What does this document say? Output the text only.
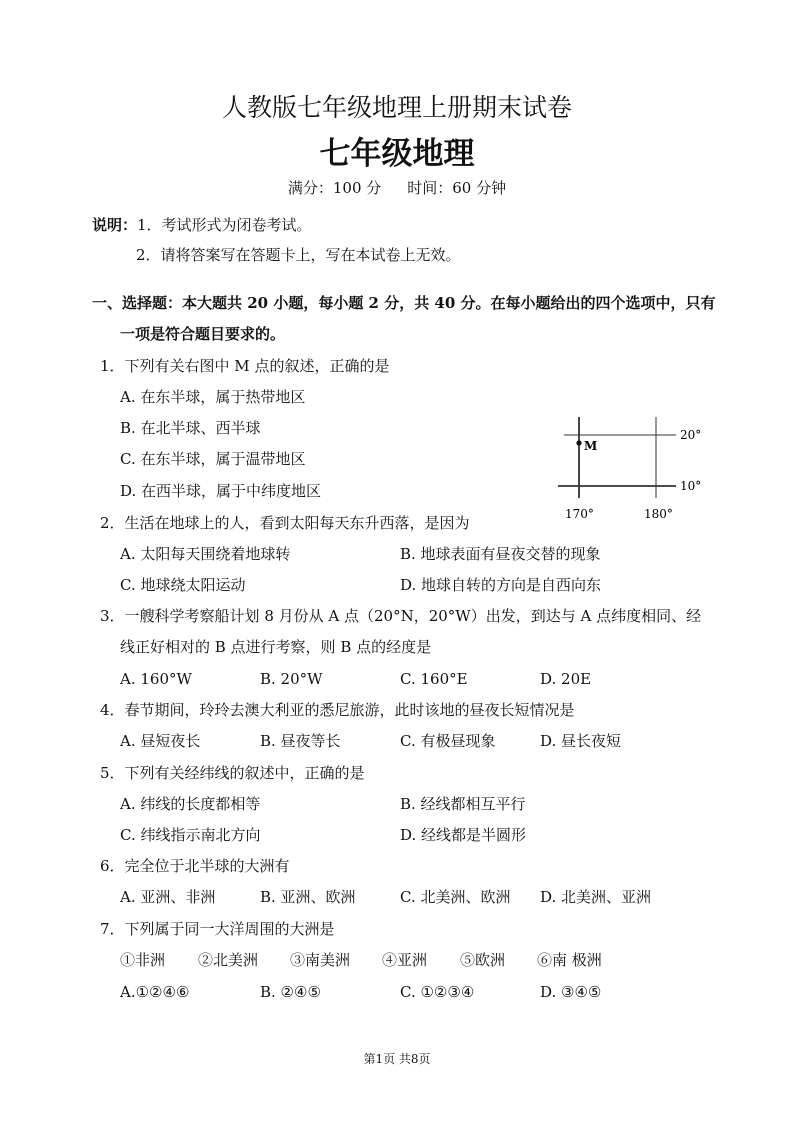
人教版七年级地理上册期末试卷
七年级地理
满分：100 分 时间：60 分钟
说明：1．考试形式为闭卷考试。
2．请将答案写在答题卡上，写在本试卷上无效。
一、选择题：本大题共 20 小题，每小题 2 分，共 40 分。在每小题给出的四个选项中，只有
一项是符合题目要求的。
1．下列有关右图中 M 点的叙述，正确的是
A. 在东半球，属于热带地区
B. 在北半球、西半球
C. 在东半球，属于温带地区
D. 在西半球，属于中纬度地区
M
20°
10°
170°	180°
2．生活在地球上的人，看到太阳每天东升西落，是因为
A. 太阳每天围绕着地球转	B. 地球表面有昼夜交替的现象
C. 地球绕太阳运动	D. 地球自转的方向是自西向东
3．一艘科学考察船计划 8 月份从 A 点（20°N，20°W）出发，到达与 A 点纬度相同、经
线正好相对的 B 点进行考察，则 B 点的经度是
A. 160°W	B. 20°W	C. 160°E	D. 20E
4．春节期间，玲玲去澳大利亚的悉尼旅游，此时该地的昼夜长短情况是
A. 昼短夜长	B. 昼夜等长	C. 有极昼现象	D. 昼长夜短
5．下列有关经纬线的叙述中，正确的是
A. 纬线的长度都相等	B. 经线都相互平行
C. 纬线指示南北方向	D. 经线都是半圆形
6．完全位于北半球的大洲有
A. 亚洲、非洲	B. 亚洲、欧洲	C. 北美洲、欧洲 D. 北美洲、亚洲
7．下列属于同一大洋周围的大洲是
①非洲 ②北美洲 ③南美洲 ④亚洲 ⑤欧洲 ⑥南 极洲
A.①②④⑥	B. ②④⑤	C. ①②③④	D. ③④⑤
第1页 共8页
